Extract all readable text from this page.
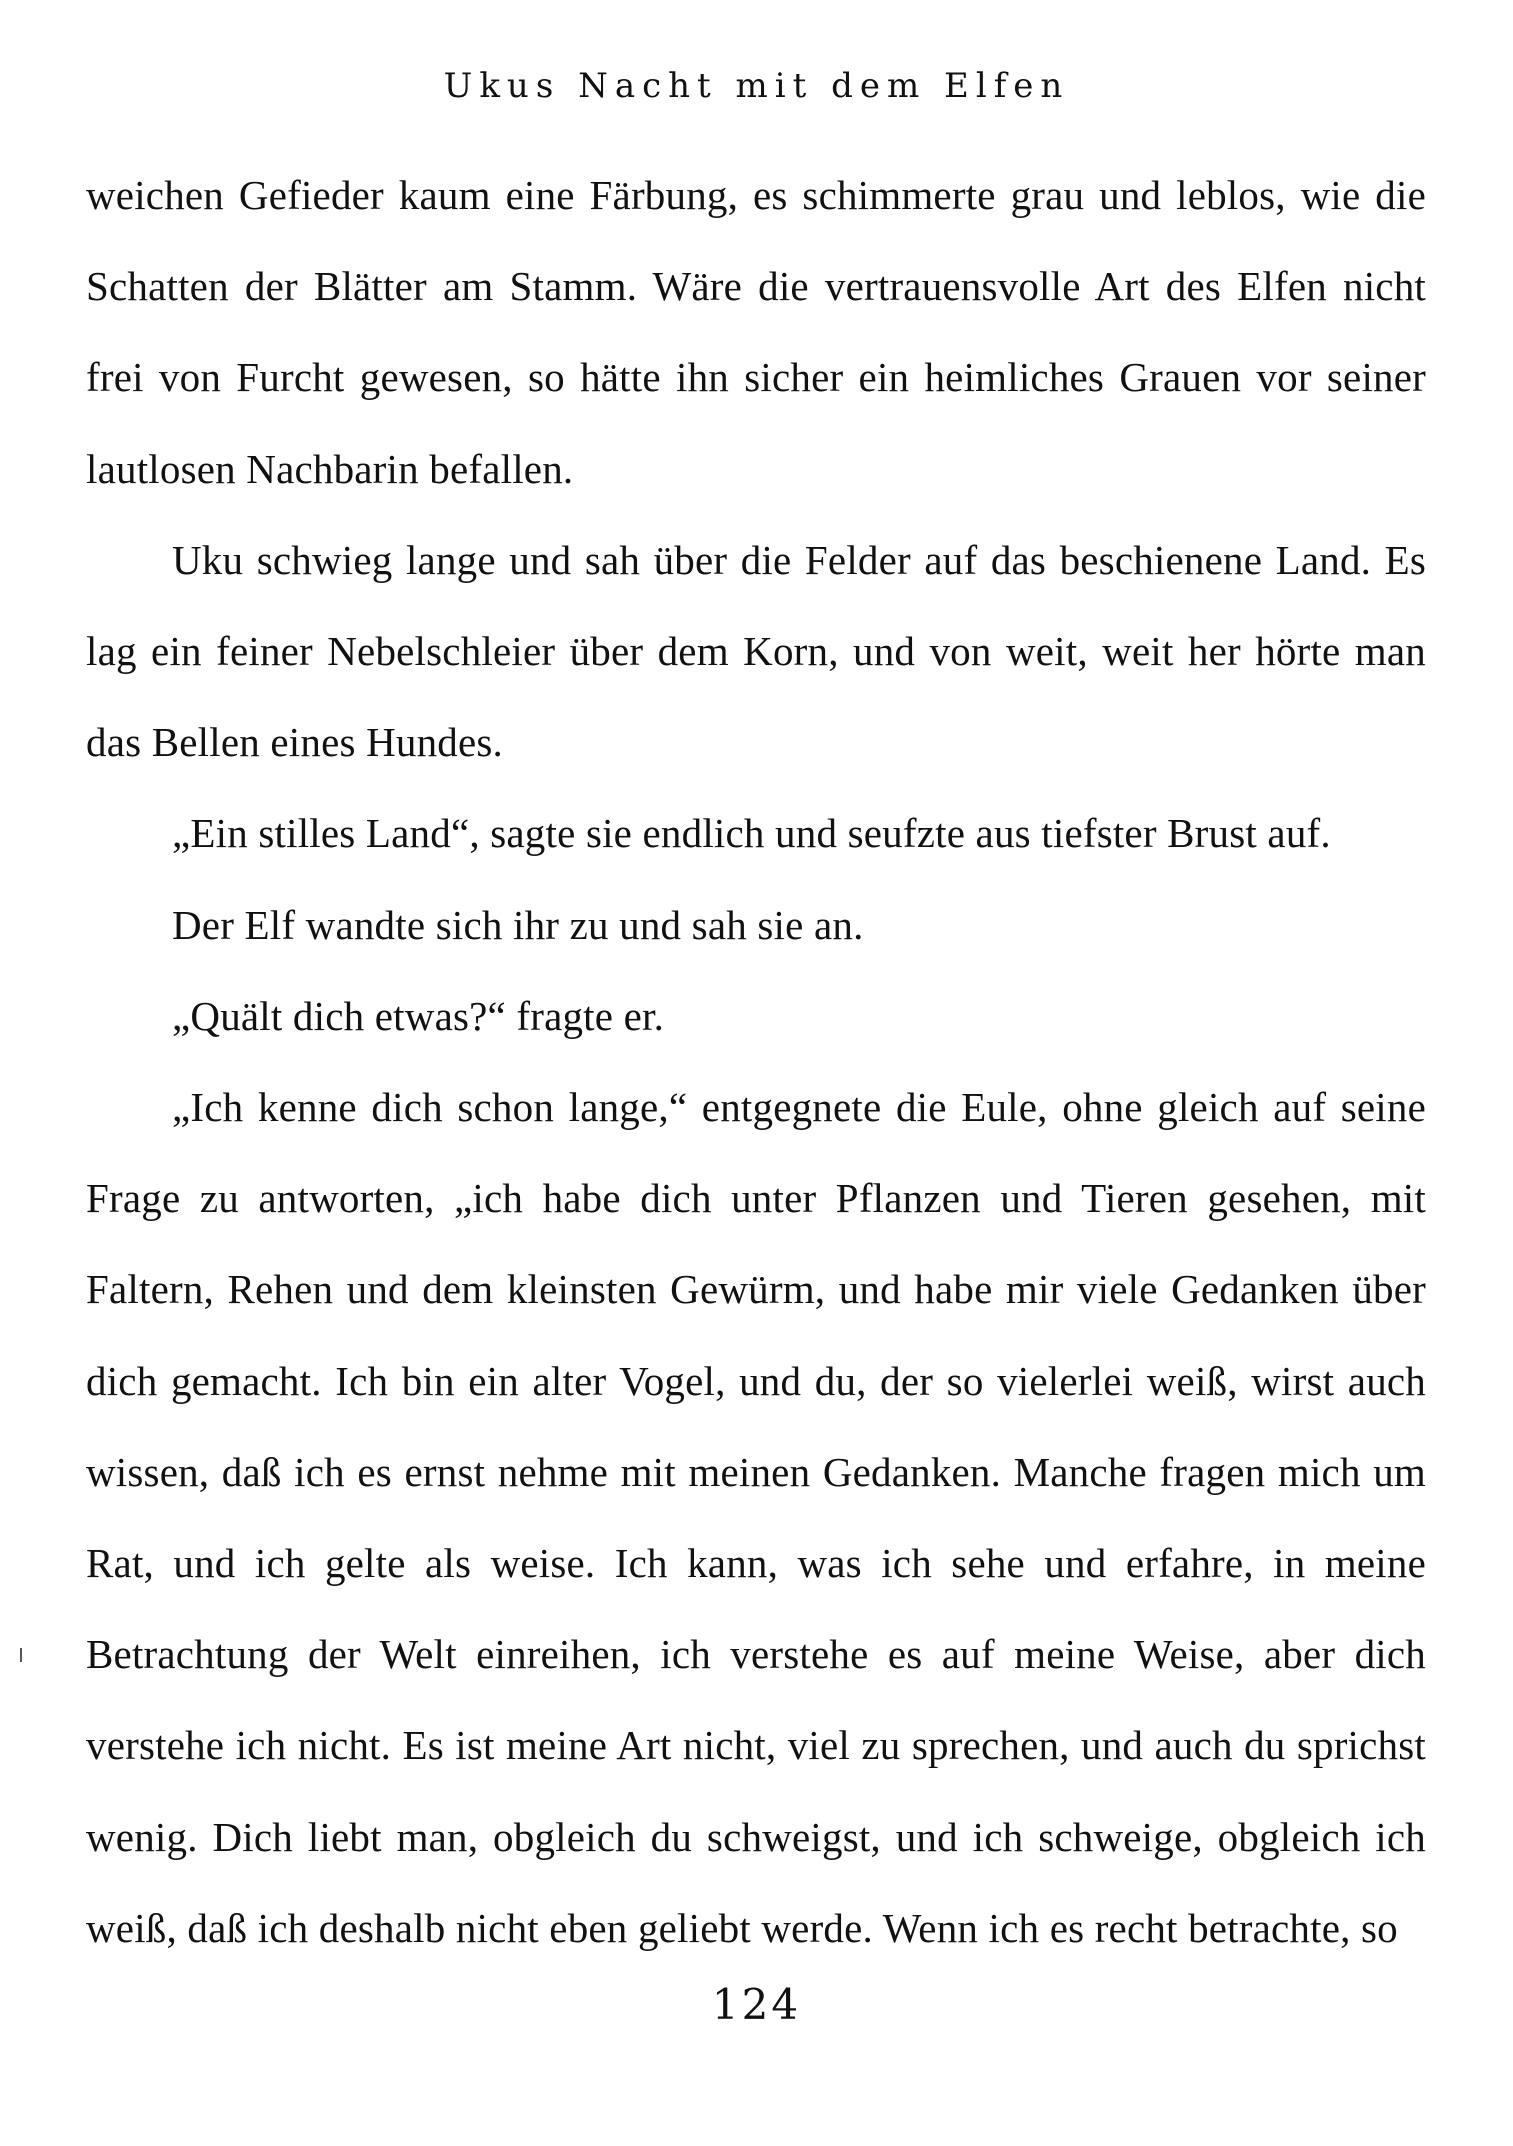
Ukus Nacht mit dem Elfen

weichen Gefieder kaum eine Färbung, es schimmerte grau und leblos, wie die Schatten der Blätter am Stamm. Wäre die vertrauensvolle Art des Elfen nicht frei von Furcht gewesen, so hätte ihn sicher ein heimliches Grauen vor seiner lautlosen Nachbarin befallen.

Uku schwieg lange und sah über die Felder auf das beschienene Land. Es lag ein feiner Nebelschleier über dem Korn, und von weit, weit her hörte man das Bellen eines Hundes.

„Ein stilles Land“, sagte sie endlich und seufzte aus tiefster Brust auf.

Der Elf wandte sich ihr zu und sah sie an.

„Quält dich etwas?“ fragte er.

„Ich kenne dich schon lange,“ entgegnete die Eule, ohne gleich auf seine Frage zu antworten, „ich habe dich unter Pflanzen und Tieren gesehen, mit Faltern, Rehen und dem kleinsten Gewürm, und habe mir viele Gedanken über dich gemacht. Ich bin ein alter Vogel, und du, der so vielerlei weiß, wirst auch wissen, daß ich es ernst nehme mit meinen Gedanken. Manche fragen mich um Rat, und ich gelte als weise. Ich kann, was ich sehe und erfahre, in meine Betrachtung der Welt einreihen, ich verstehe es auf meine Weise, aber dich verstehe ich nicht. Es ist meine Art nicht, viel zu sprechen, und auch du sprichst wenig. Dich liebt man, obgleich du schweigst, und ich schweige, obgleich ich weiß, daß ich deshalb nicht eben geliebt werde. Wenn ich es recht betrachte, so

124
